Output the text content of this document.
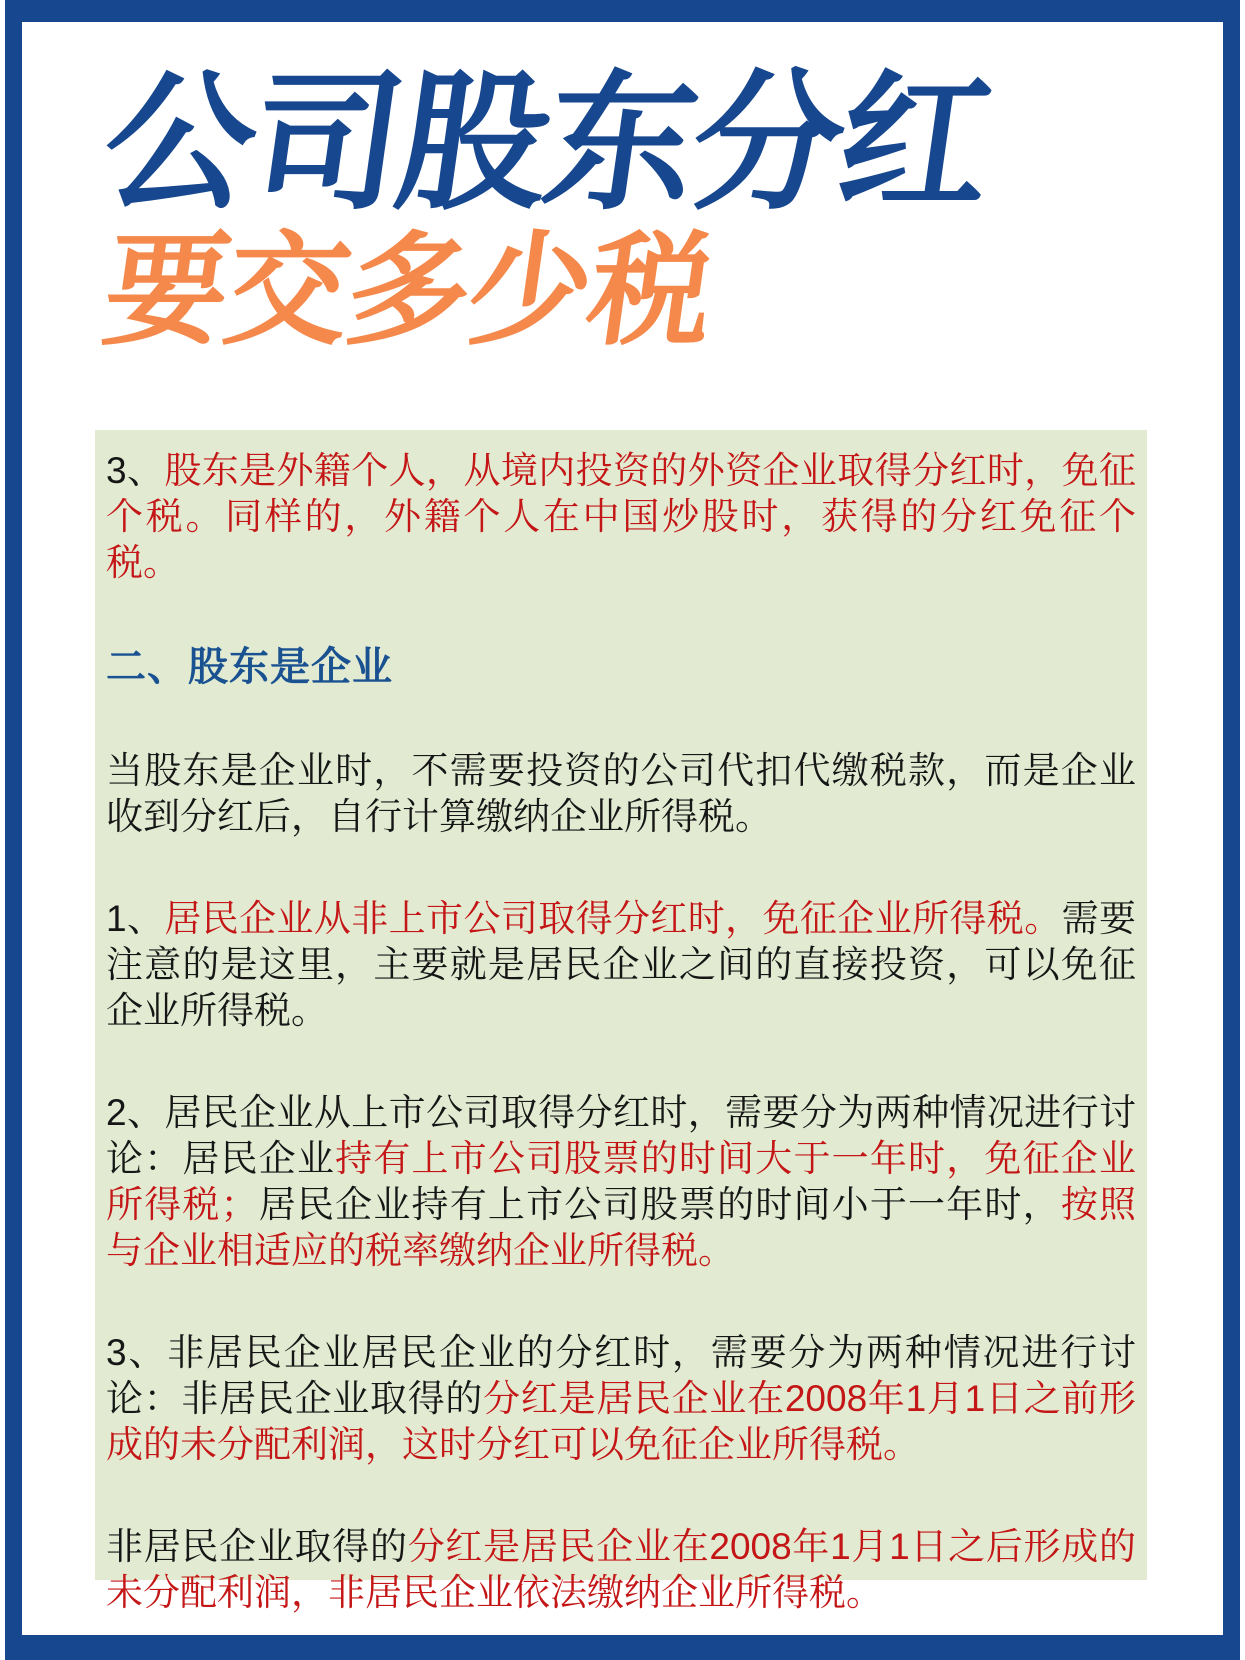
公司股东分红
要交多少税
3、股东是外籍个人，从境内投资的外资企业取得分红时，免征个税。同样的，外籍个人在中国炒股时，获得的分红免征个税。
二、股东是企业
当股东是企业时，不需要投资的公司代扣代缴税款，而是企业收到分红后，自行计算缴纳企业所得税。
1、居民企业从非上市公司取得分红时，免征企业所得税。需要注意的是这里，主要就是居民企业之间的直接投资，可以免征企业所得税。
2、居民企业从上市公司取得分红时，需要分为两种情况进行讨论：居民企业持有上市公司股票的时间大于一年时，免征企业所得税；居民企业持有上市公司股票的时间小于一年时，按照与企业相适应的税率缴纳企业所得税。
3、非居民企业居民企业的分红时，需要分为两种情况进行讨论：非居民企业取得的分红是居民企业在2008年1月1日之前形成的未分配利润，这时分红可以免征企业所得税。
非居民企业取得的分红是居民企业在2008年1月1日之后形成的未分配利润，非居民企业依法缴纳企业所得税。
